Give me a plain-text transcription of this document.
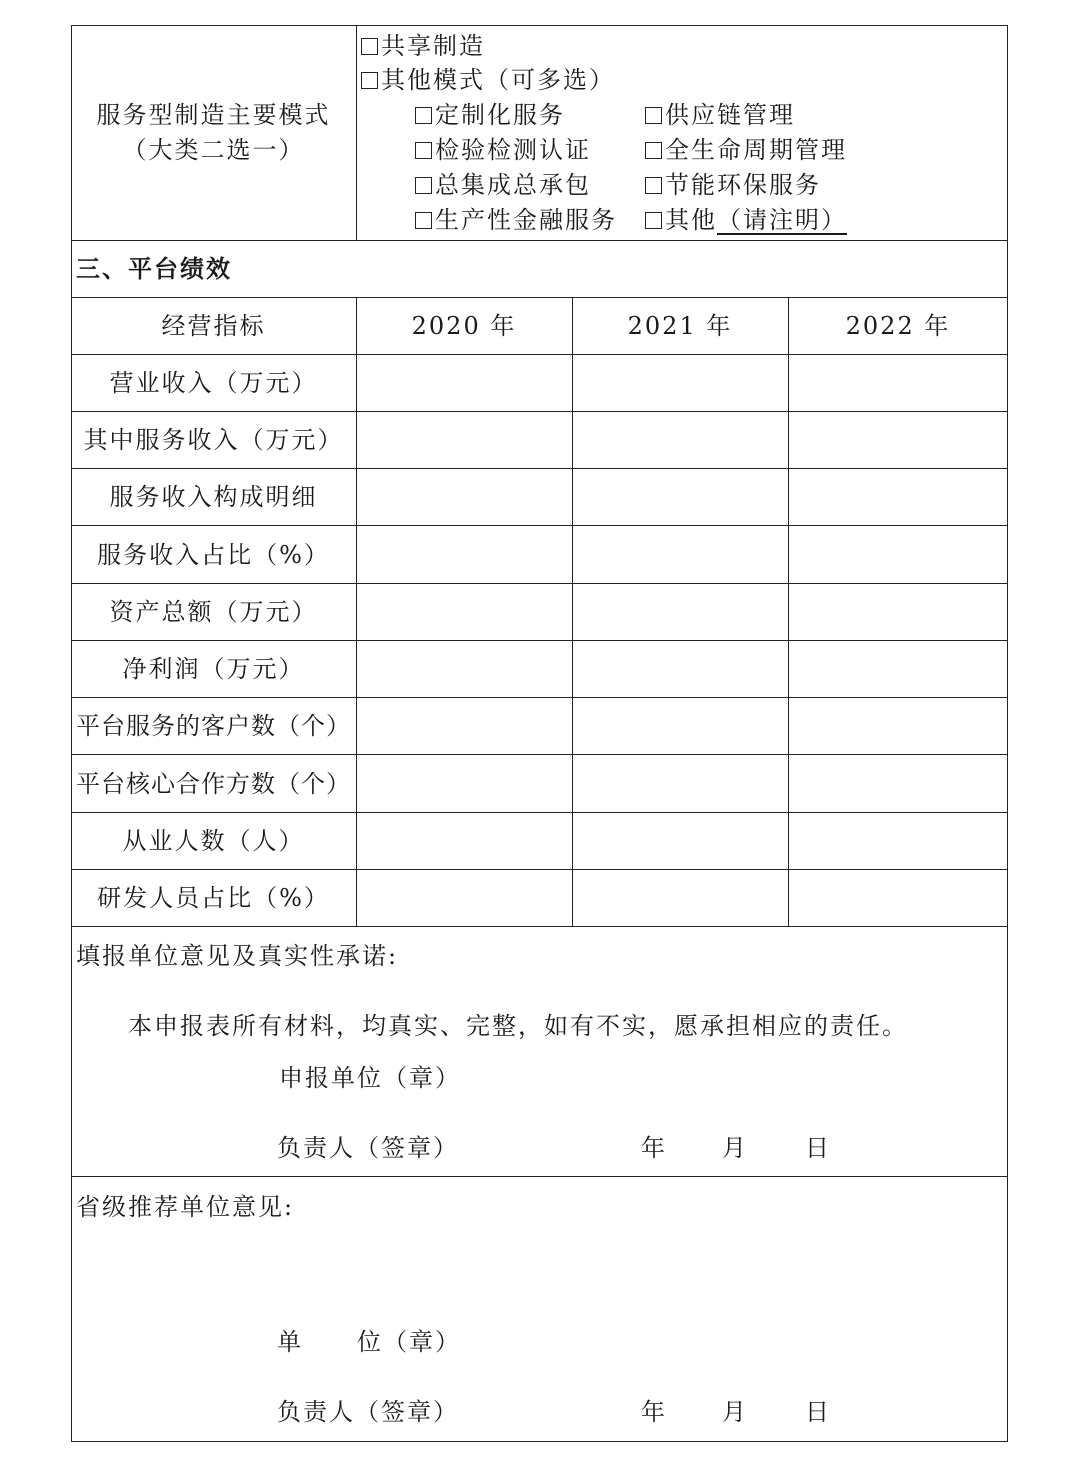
服务型制造主要模式
（大类二选一）
共享制造
其他模式（可多选）
定制化服务	供应链管理
检验检测认证	全生命周期管理
总集成总承包	节能环保服务
生产性金融服务	其他（请注明）
三、平台绩效
经营指标	2020 年	2021 年	2022 年
营业收入（万元）
其中服务收入（万元）
服务收入构成明细
服务收入占比（%）
资产总额（万元）
净利润（万元）
平台服务的客户数（个）
平台核心合作方数（个）
从业人数（人）
研发人员占比（%）
填报单位意见及真实性承诺:
本申报表所有材料，均真实、完整，如有不实，愿承担相应的责任。
申报单位（章）
负责人（签章）	年 月 日
省级推荐单位意见:
单 位（章）
负责人（签章）	年 月 日
